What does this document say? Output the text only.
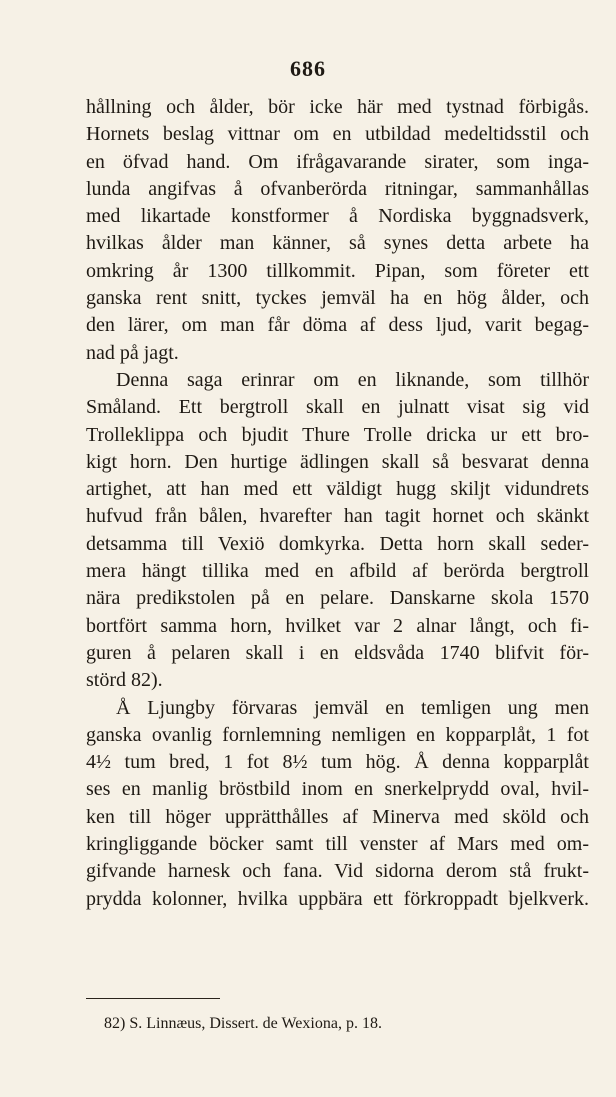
686
hållning och ålder, bör icke här med tystnad förbigås.
Hornets beslag vittnar om en utbildad medeltidsstil och
en öfvad hand. Om ifrågavarande sirater, som inga-
lunda angifvas å ofvanberörda ritningar, sammanhållas
med likartade konstformer å Nordiska byggnadsverk,
hvilkas ålder man känner, så synes detta arbete ha
omkring år 1300 tillkommit. Pipan, som företer ett
ganska rent snitt, tyckes jemväl ha en hög ålder, och
den lärer, om man får döma af dess ljud, varit begag-
nad på jagt.
Denna saga erinrar om en liknande, som tillhör
Småland. Ett bergtroll skall en julnatt visat sig vid
Trolleklippa och bjudit Thure Trolle dricka ur ett bro-
kigt horn. Den hurtige ädlingen skall så besvarat denna
artighet, att han med ett väldigt hugg skiljt vidundrets
hufvud från bålen, hvarefter han tagit hornet och skänkt
detsamma till Vexiö domkyrka. Detta horn skall seder-
mera hängt tillika med en afbild af berörda bergtroll
nära predikstolen på en pelare. Danskarne skola 1570
bortfört samma horn, hvilket var 2 alnar långt, och fi-
guren å pelaren skall i en eldsvåda 1740 blifvit för-
störd 82).
Å Ljungby förvaras jemväl en temligen ung men
ganska ovanlig fornlemning nemligen en kopparplåt, 1 fot
4½ tum bred, 1 fot 8½ tum hög. Å denna kopparplåt
ses en manlig bröstbild inom en snerkelprydd oval, hvil-
ken till höger upprätthålles af Minerva med sköld och
kringliggande böcker samt till venster af Mars med om-
gifvande harnesk och fana. Vid sidorna derom stå frukt-
prydda kolonner, hvilka uppbära ett förkroppadt bjelkverk.
82) S. Linnæus, Dissert. de Wexiona, p. 18.
